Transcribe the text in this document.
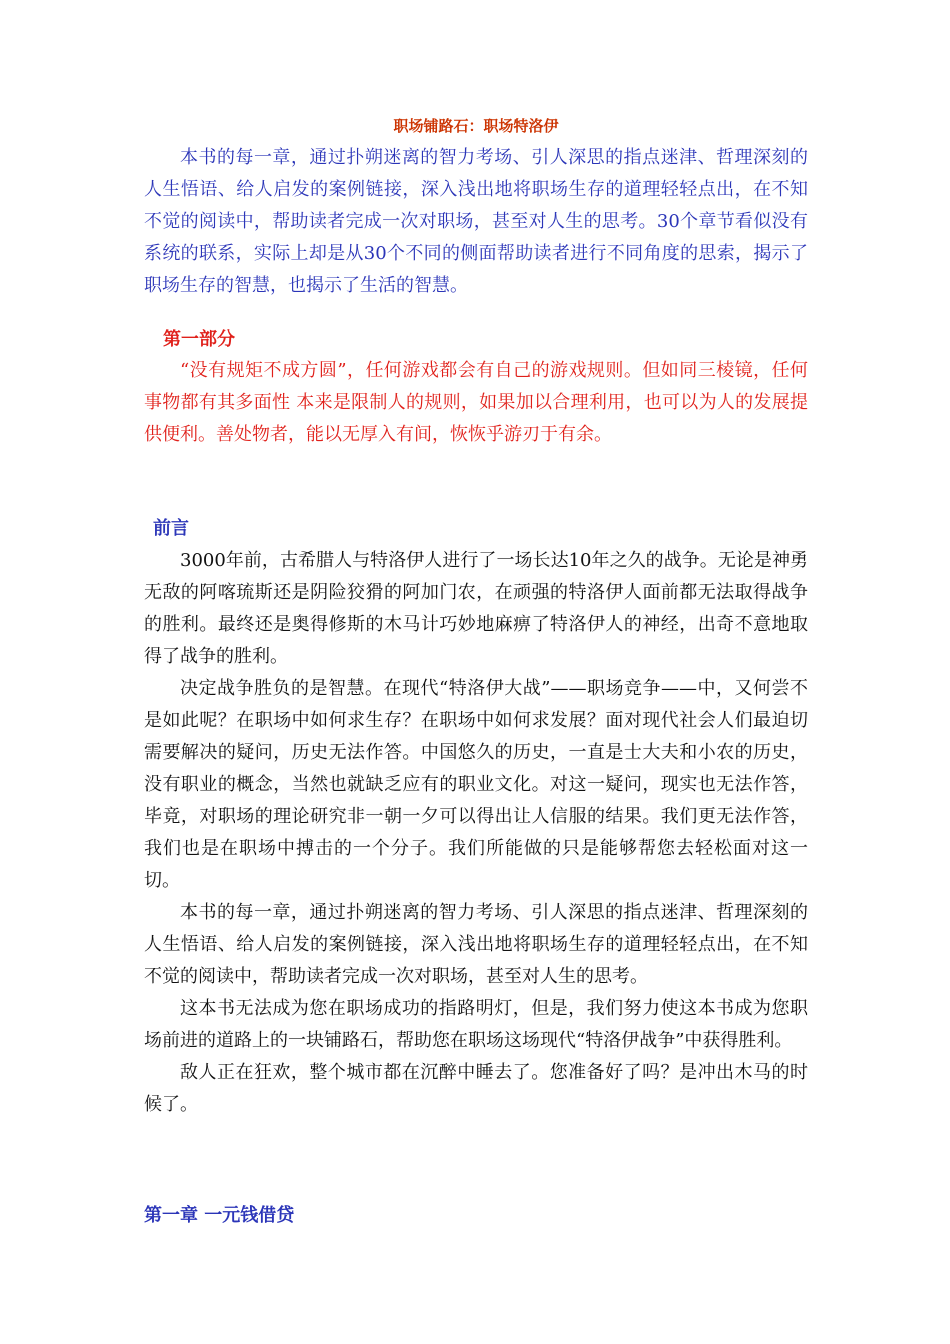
职场铺路石：职场特洛伊

本书的每一章，通过扑朔迷离的智力考场、引人深思的指点迷津、哲理深刻的人生悟语、给人启发的案例链接，深入浅出地将职场生存的道理轻轻点出，在不知不觉的阅读中，帮助读者完成一次对职场，甚至对人生的思考。30个章节看似没有系统的联系，实际上却是从30个不同的侧面帮助读者进行不同角度的思索，揭示了职场生存的智慧，也揭示了生活的智慧。

第一部分

“没有规矩不成方圆”，任何游戏都会有自己的游戏规则。但如同三棱镜，任何事物都有其多面性 本来是限制人的规则，如果加以合理利用，也可以为人的发展提供便利。善处物者，能以无厚入有间，恢恢乎游刃于有余。

前言

3000年前，古希腊人与特洛伊人进行了一场长达10年之久的战争。无论是神勇无敌的阿喀琉斯还是阴险狡猾的阿加门农，在顽强的特洛伊人面前都无法取得战争的胜利。最终还是奥得修斯的木马计巧妙地麻痹了特洛伊人的神经，出奇不意地取得了战争的胜利。

决定战争胜负的是智慧。在现代“特洛伊大战”——职场竞争——中，又何尝不是如此呢？在职场中如何求生存？在职场中如何求发展？面对现代社会人们最迫切需要解决的疑问，历史无法作答。中国悠久的历史，一直是士大夫和小农的历史，没有职业的概念，当然也就缺乏应有的职业文化。对这一疑问，现实也无法作答，毕竟，对职场的理论研究非一朝一夕可以得出让人信服的结果。我们更无法作答，我们也是在职场中搏击的一个分子。我们所能做的只是能够帮您去轻松面对这一切。

本书的每一章，通过扑朔迷离的智力考场、引人深思的指点迷津、哲理深刻的人生悟语、给人启发的案例链接，深入浅出地将职场生存的道理轻轻点出，在不知不觉的阅读中，帮助读者完成一次对职场，甚至对人生的思考。

这本书无法成为您在职场成功的指路明灯，但是，我们努力使这本书成为您职场前进的道路上的一块铺路石，帮助您在职场这场现代“特洛伊战争”中获得胜利。

敌人正在狂欢，整个城市都在沉醉中睡去了。您准备好了吗？是冲出木马的时候了。

第一章 一元钱借贷
